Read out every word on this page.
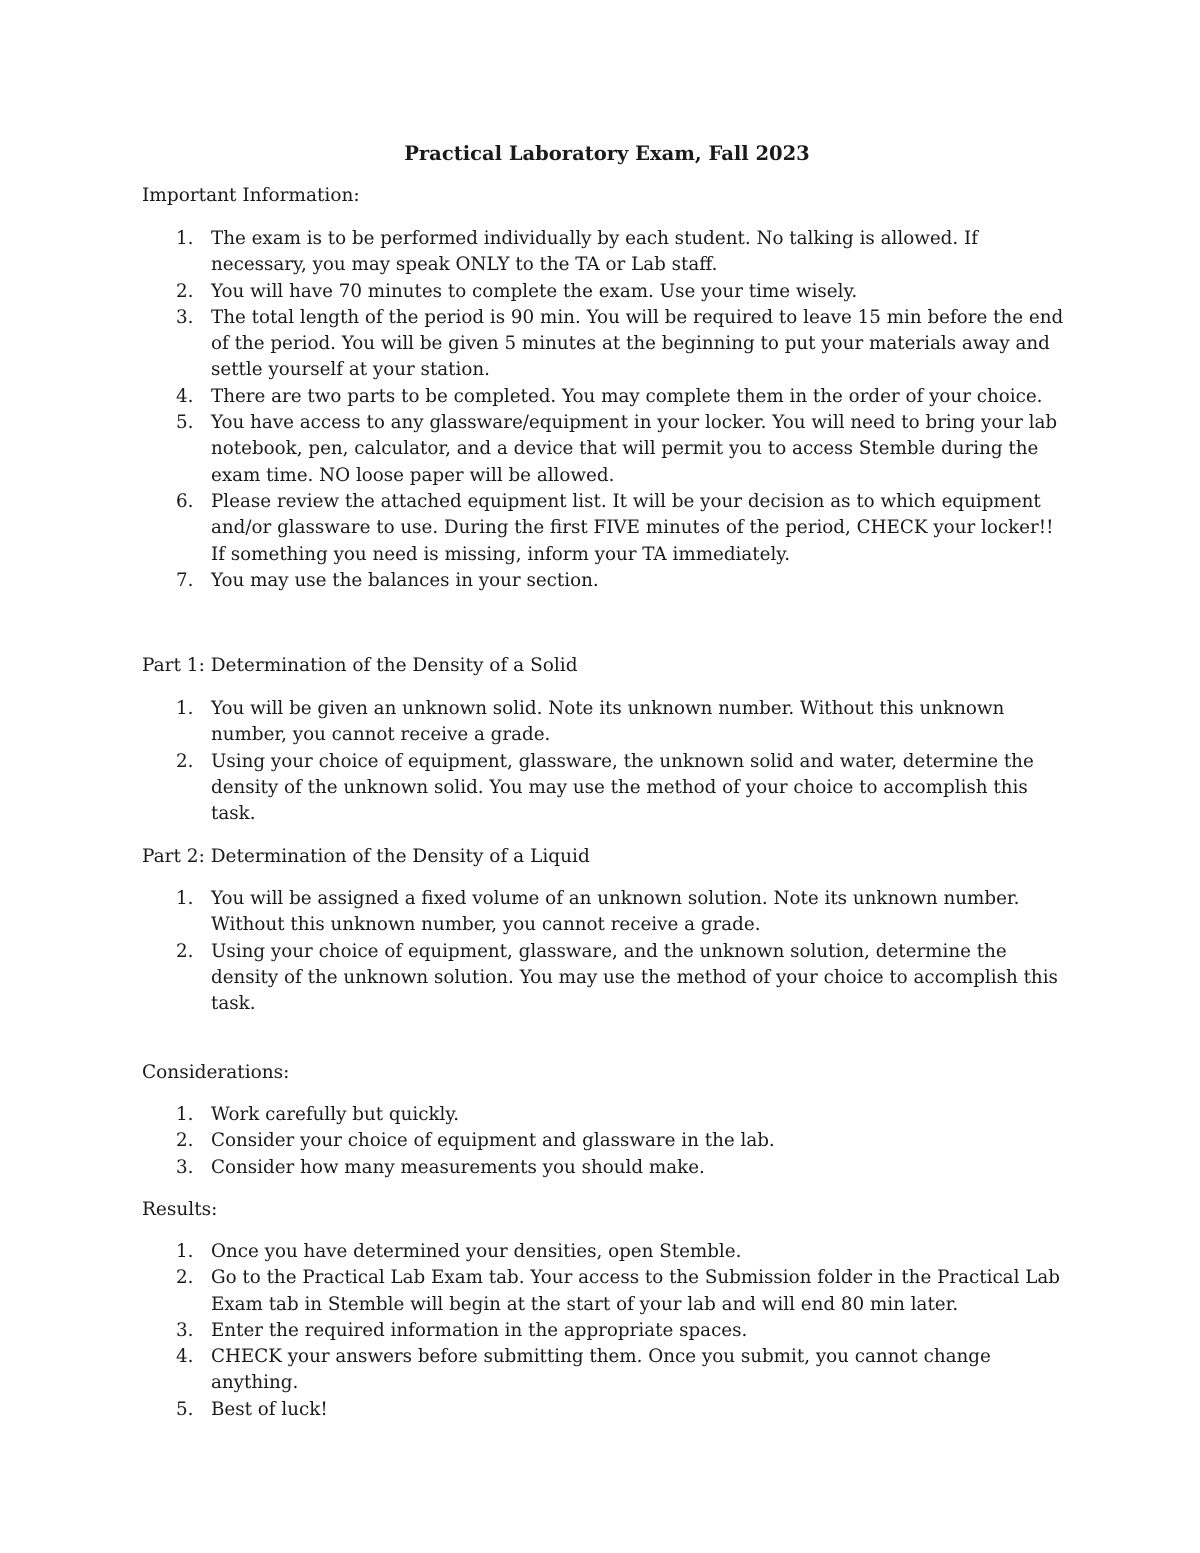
Practical Laboratory Exam, Fall 2023

Important Information:

1. The exam is to be performed individually by each student. No talking is allowed. If necessary, you may speak ONLY to the TA or Lab staff.
2. You will have 70 minutes to complete the exam. Use your time wisely.
3. The total length of the period is 90 min. You will be required to leave 15 min before the end of the period. You will be given 5 minutes at the beginning to put your materials away and settle yourself at your station.
4. There are two parts to be completed. You may complete them in the order of your choice.
5. You have access to any glassware/equipment in your locker. You will need to bring your lab notebook, pen, calculator, and a device that will permit you to access Stemble during the exam time. NO loose paper will be allowed.
6. Please review the attached equipment list. It will be your decision as to which equipment and/or glassware to use. During the first FIVE minutes of the period, CHECK your locker!! If something you need is missing, inform your TA immediately.
7. You may use the balances in your section.

Part 1: Determination of the Density of a Solid

1. You will be given an unknown solid. Note its unknown number. Without this unknown number, you cannot receive a grade.
2. Using your choice of equipment, glassware, the unknown solid and water, determine the density of the unknown solid. You may use the method of your choice to accomplish this task.

Part 2: Determination of the Density of a Liquid

1. You will be assigned a fixed volume of an unknown solution. Note its unknown number. Without this unknown number, you cannot receive a grade.
2. Using your choice of equipment, glassware, and the unknown solution, determine the density of the unknown solution. You may use the method of your choice to accomplish this task.

Considerations:

1. Work carefully but quickly.
2. Consider your choice of equipment and glassware in the lab.
3. Consider how many measurements you should make.

Results:

1. Once you have determined your densities, open Stemble.
2. Go to the Practical Lab Exam tab. Your access to the Submission folder in the Practical Lab Exam tab in Stemble will begin at the start of your lab and will end 80 min later.
3. Enter the required information in the appropriate spaces.
4. CHECK your answers before submitting them. Once you submit, you cannot change anything.
5. Best of luck!
